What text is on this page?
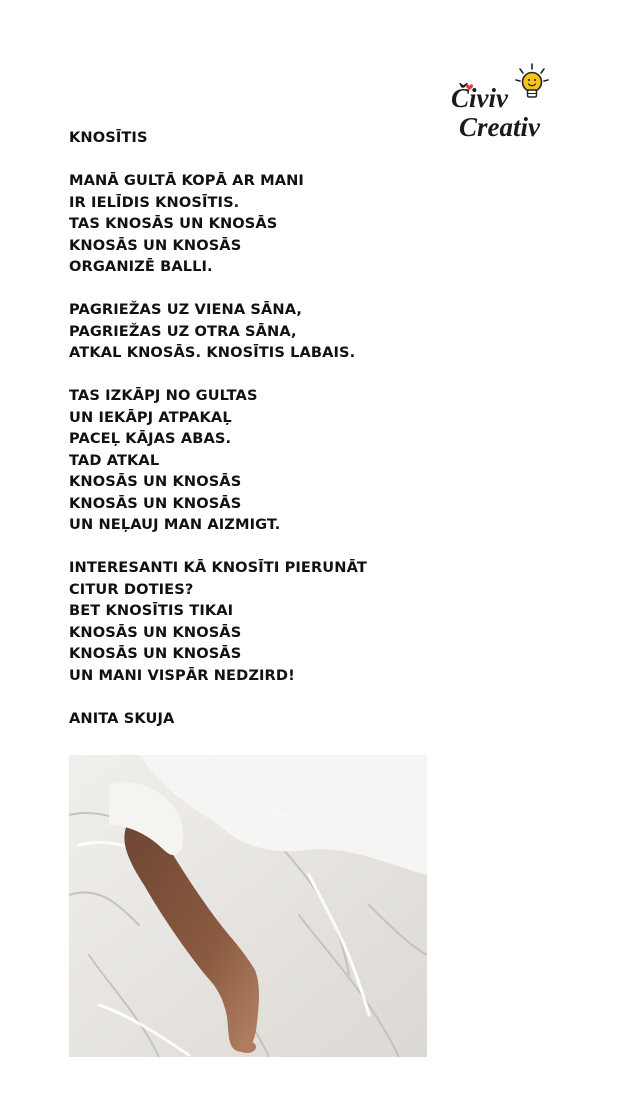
Čiviv
Creativ
KNOSĪTIS
MANĀ GULTĀ KOPĀ AR MANI
IR IELĪDIS KNOSĪTIS.
TAS KNOSĀS UN KNOSĀS
KNOSĀS UN KNOSĀS
ORGANIZĒ BALLI.
PAGRIEŽAS UZ VIENA SĀNA,
PAGRIEŽAS UZ OTRA SĀNA,
ATKAL KNOSĀS. KNOSĪTIS LABAIS.
TAS IZKĀPJ NO GULTAS
UN IEKĀPJ ATPAKAĻ
PACEĻ KĀJAS ABAS.
TAD ATKAL
KNOSĀS UN KNOSĀS
KNOSĀS UN KNOSĀS
UN NEĻAUJ MAN AIZMIGT.
INTERESANTI KĀ KNOSĪTI PIERUNĀT
CITUR DOTIES?
BET KNOSĪTIS TIKAI
KNOSĀS UN KNOSĀS
KNOSĀS UN KNOSĀS
UN MANI VISPĀR NEDZIRD!
ANITA SKUJA
